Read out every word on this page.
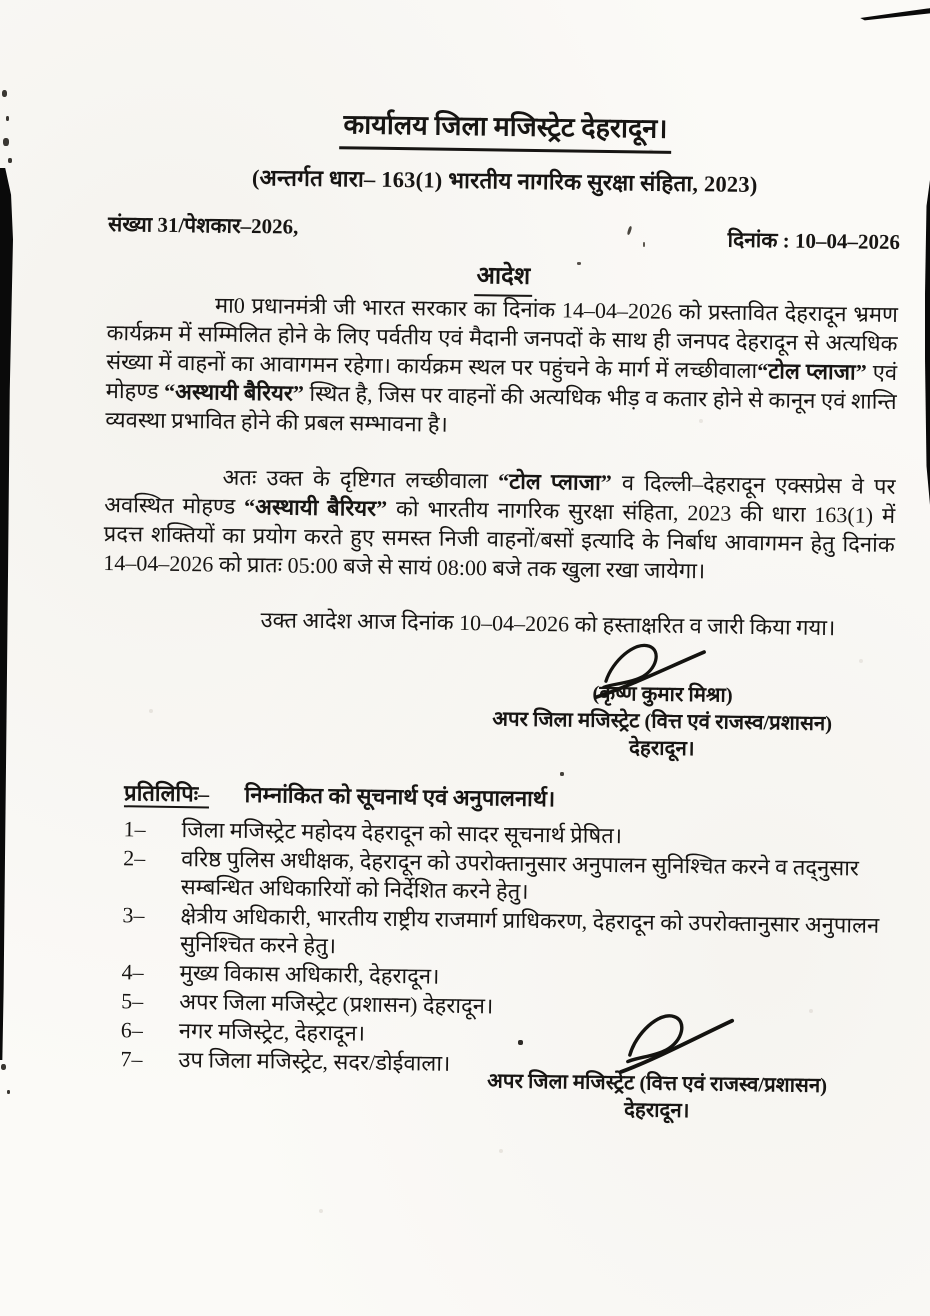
कार्यालय जिला मजिस्ट्रेट देहरादून।
(अन्तर्गत धारा– 163(1) भारतीय नागरिक सुरक्षा संहिता, 2023)
संख्या 31/पेशकार–2026,
दिनांक : 10–04–2026
आदेश

मा0 प्रधानमंत्री जी भारत सरकार का दिनांक 14–04–2026 को प्रस्तावित देहरादून भ्रमण कार्यक्रम में सम्मिलित होने के लिए पर्वतीय एवं मैदानी जनपदों के साथ ही जनपद देहरादून से अत्यधिक संख्या में वाहनों का आवागमन रहेगा। कार्यक्रम स्थल पर पहुंचने के मार्ग में लच्छीवाला“टोल प्लाजा” एवं मोहण्ड “अस्थायी बैरियर” स्थित है, जिस पर वाहनों की अत्यधिक भीड़ व कतार होने से कानून एवं शान्ति व्यवस्था प्रभावित होने की प्रबल सम्भावना है।

अतः उक्त के दृष्टिगत लच्छीवाला “टोल प्लाजा” व दिल्ली–देहरादून एक्सप्रेस वे पर अवस्थित मोहण्ड “अस्थायी बैरियर” को भारतीय नागरिक सुरक्षा संहिता, 2023 की धारा 163(1) में प्रदत्त शक्तियों का प्रयोग करते हुए समस्त निजी वाहनों/बसों इत्यादि के निर्बाध आवागमन हेतु दिनांक 14–04–2026 को प्रातः 05:00 बजे से सायं 08:00 बजे तक खुला रखा जायेगा।

उक्त आदेश आज दिनांक 10–04–2026 को हस्ताक्षरित व जारी किया गया।

(कृष्ण कुमार मिश्रा)
अपर जिला मजिस्ट्रेट (वित्त एवं राजस्व/प्रशासन)
देहरादून।
प्रतिलिपिः– निम्नांकित को सूचनार्थ एवं अनुपालनार्थ।
1–	जिला मजिस्ट्रेट महोदय देहरादून को सादर सूचनार्थ प्रेषित।
2–	वरिष्ठ पुलिस अधीक्षक, देहरादून को उपरोक्तानुसार अनुपालन सुनिश्चित करने व तद्नुसार सम्बन्धित अधिकारियों को निर्देशित करने हेतु।
3–	क्षेत्रीय अधिकारी, भारतीय राष्ट्रीय राजमार्ग प्राधिकरण, देहरादून को उपरोक्तानुसार अनुपालन सुनिश्चित करने हेतु।
4–	मुख्य विकास अधिकारी, देहरादून।
5–	अपर जिला मजिस्ट्रेट (प्रशासन) देहरादून।
6–	नगर मजिस्ट्रेट, देहरादून।
7–	उप जिला मजिस्ट्रेट, सदर/डोईवाला।
अपर जिला मजिस्ट्रेट (वित्त एवं राजस्व/प्रशासन)
देहरादून।
